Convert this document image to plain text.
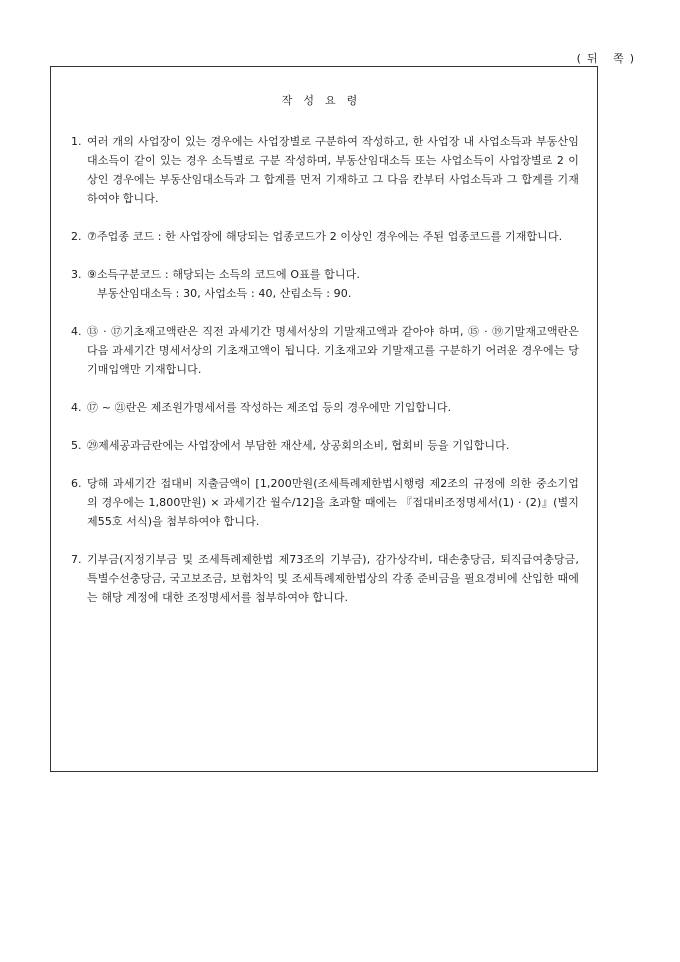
(뒤 쪽)
작성요령
1. 여러 개의 사업장이 있는 경우에는 사업장별로 구분하여 작성하고, 한 사업장 내 사업소득과 부동산임대소득이 같이 있는 경우 소득별로 구분 작성하며, 부동산임대소득 또는 사업소득이 사업장별로 2 이상인 경우에는 부동산임대소득과 그 합계를 먼저 기재하고 그 다음 칸부터 사업소득과 그 합계를 기재하여야 합니다.
2. ⑦주업종 코드 : 한 사업장에 해당되는 업종코드가 2 이상인 경우에는 주된 업종코드를 기재합니다.
3. ⑨소득구분코드 : 해당되는 소득의 코드에 O표를 합니다.
부동산임대소득 : 30, 사업소득 : 40, 산림소득 : 90.
4. ⑬ · ⑰기초재고액란은 직전 과세기간 명세서상의 기말재고액과 같아야 하며, ⑮ · ⑲기말재고액란은 다음 과세기간 명세서상의 기초재고액이 됩니다. 기초재고와 기말재고를 구분하기 어려운 경우에는 당기매입액만 기재합니다.
4. ⑰ ~ ㉑란은 제조원가명세서를 작성하는 제조업 등의 경우에만 기입합니다.
5. ㉙제세공과금란에는 사업장에서 부담한 재산세, 상공회의소비, 협회비 등을 기입합니다.
6. 당해 과세기간 접대비 지출금액이 [1,200만원(조세특례제한법시행령 제2조의 규정에 의한 중소기업의 경우에는 1,800만원) × 과세기간 월수/12]을 초과할 때에는 『접대비조정명세서(1) · (2)』(별지 제55호 서식)을 첨부하여야 합니다.
7. 기부금(지정기부금 및 조세특례제한법 제73조의 기부금), 감가상각비, 대손충당금, 퇴직급여충당금, 특별수선충당금, 국고보조금, 보험차익 및 조세특례제한법상의 각종 준비금을 필요경비에 산입한 때에는 해당 계정에 대한 조정명세서를 첨부하여야 합니다.
